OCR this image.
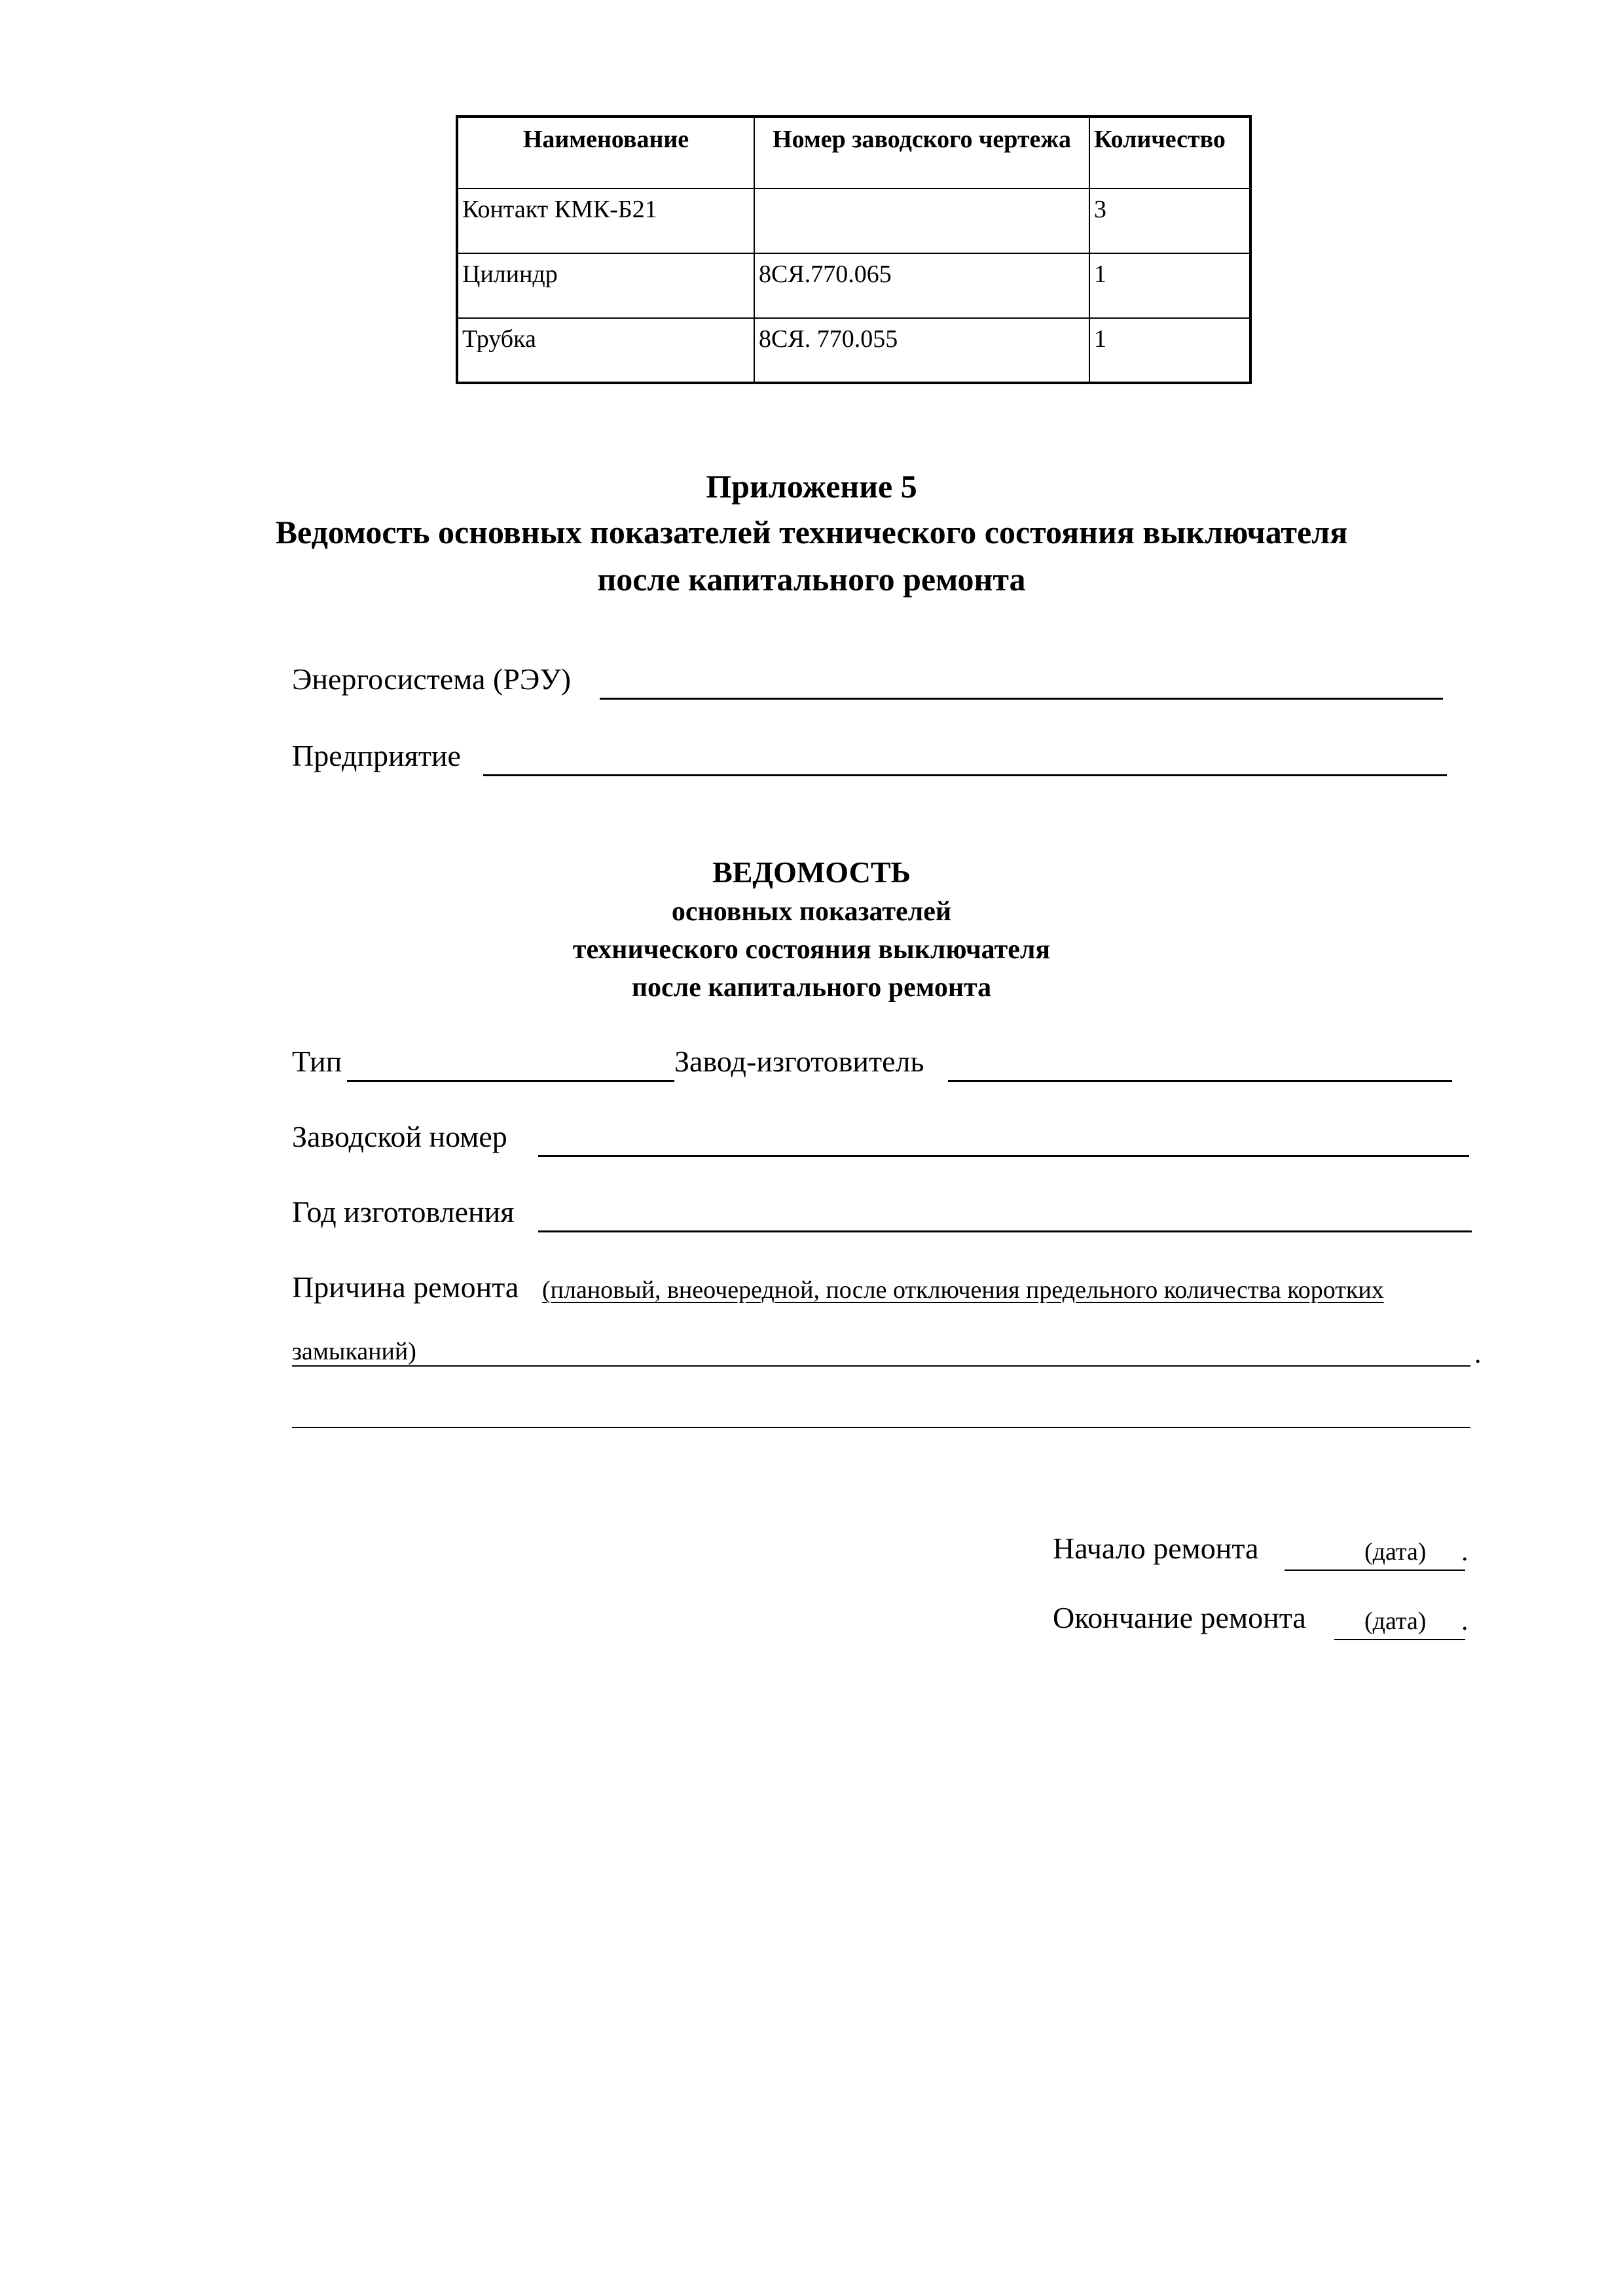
Наименование	Номер заводского чертежа	Количество
Контакт КМК-Б21		3
Цилиндр	8СЯ.770.065	1
Трубка	8СЯ. 770.055	1
Приложение 5
Ведомость основных показателей технического состояния выключателя
после капитального ремонта
Энергосистема (РЭУ)
Предприятие
ВЕДОМОСТЬ
основных показателей
технического состояния выключателя
после капитального ремонта
Тип	Завод-изготовитель
Заводской номер
Год изготовления
Причина ремонта (плановый, внеочередной, после отключения предельного количества коротких
замыканий)	.
Начало ремонта	(дата) .
Окончание ремонта (дата) .
